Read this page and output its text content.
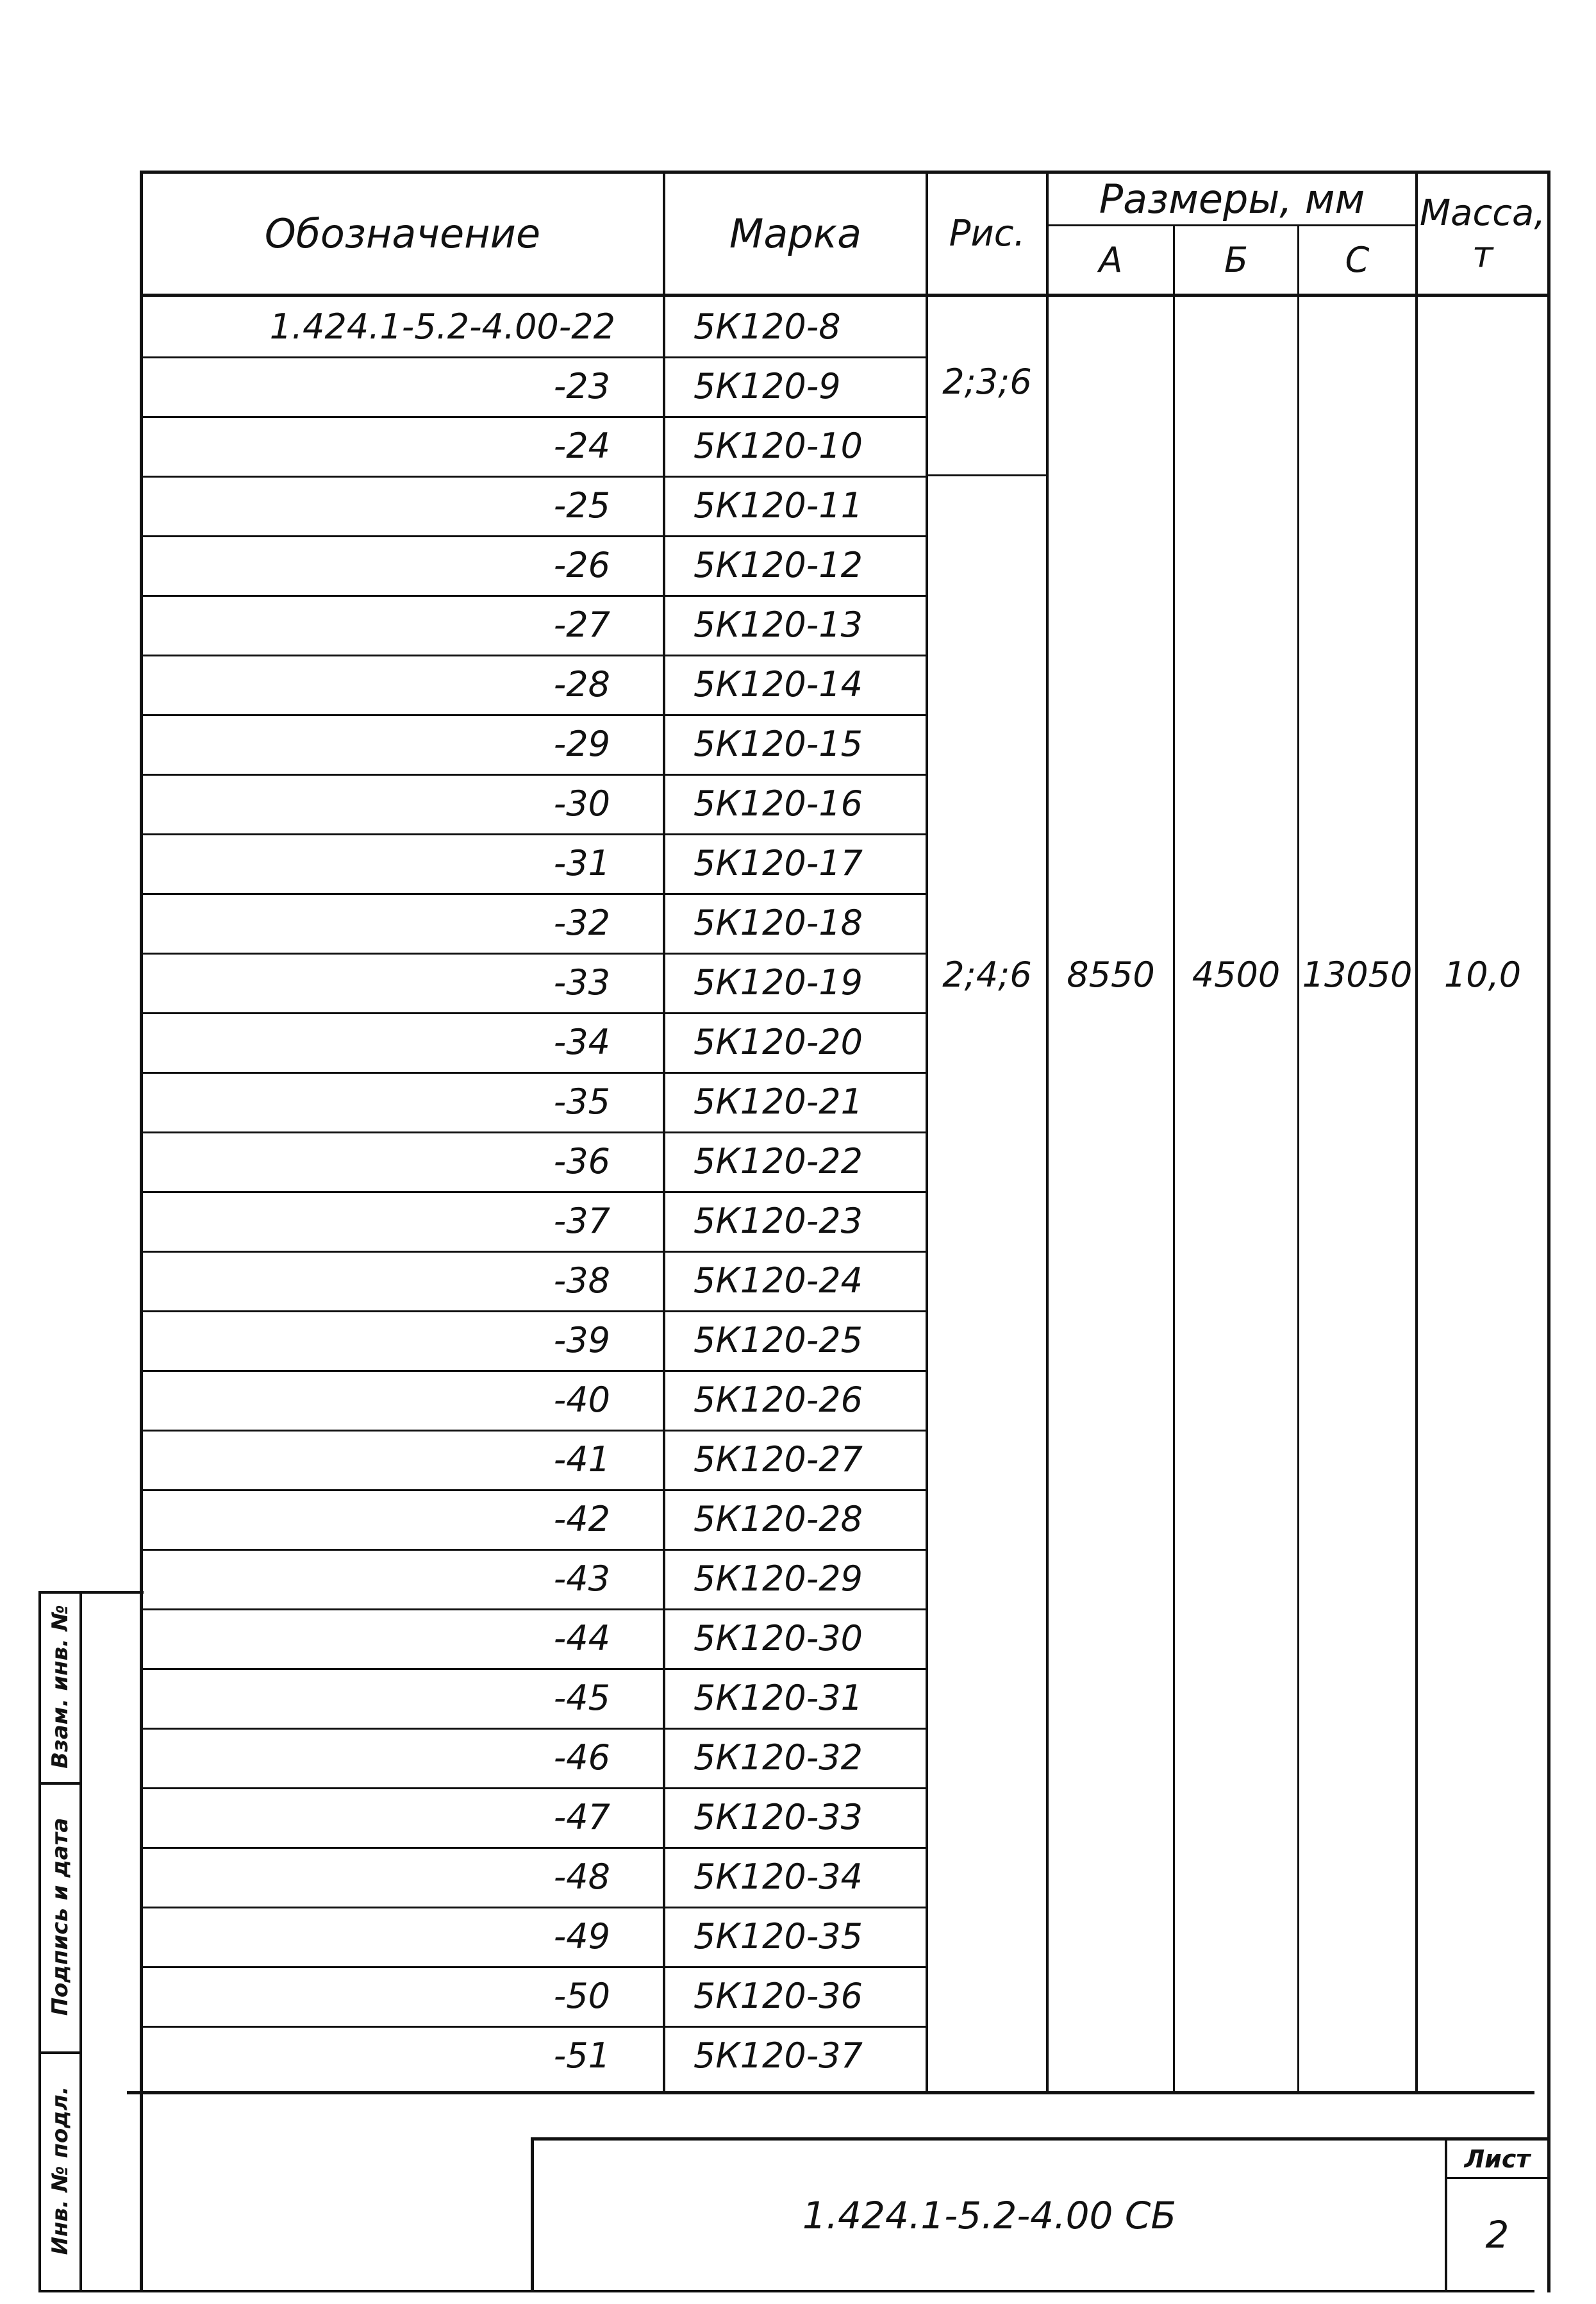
Обозначение	Марка	Рис.
Размеры, мм
А	Б	С
Масса,
т
1.424.1-5.2-4.00-22 5К120-8
-23 5К120-9
-24 5К120-10
-25 5К120-11
-26 5К120-12
-27 5К120-13
-28 5К120-14
-29 5К120-15
-30 5К120-16
-31 5К120-17
-32 5К120-18
-33 5К120-19
-34 5К120-20
-35 5К120-21
-36 5К120-22
-37 5К120-23
-38 5К120-24
-39 5К120-25
-40 5К120-26
-41 5К120-27
-42 5К120-28
-43 5К120-29
-44 5К120-30
-45 5К120-31
-46 5К120-32
-47 5К120-33
-48 5К120-34
-49 5К120-35
-50 5К120-36
-51 5К120-37
2;3;6
2;4;6	8550	4500 13050 10,0
1.424.1-5.2-4.00 СБ
Лист
2
Взам. инв. №
Подпись и дата
Инв. № подл.
